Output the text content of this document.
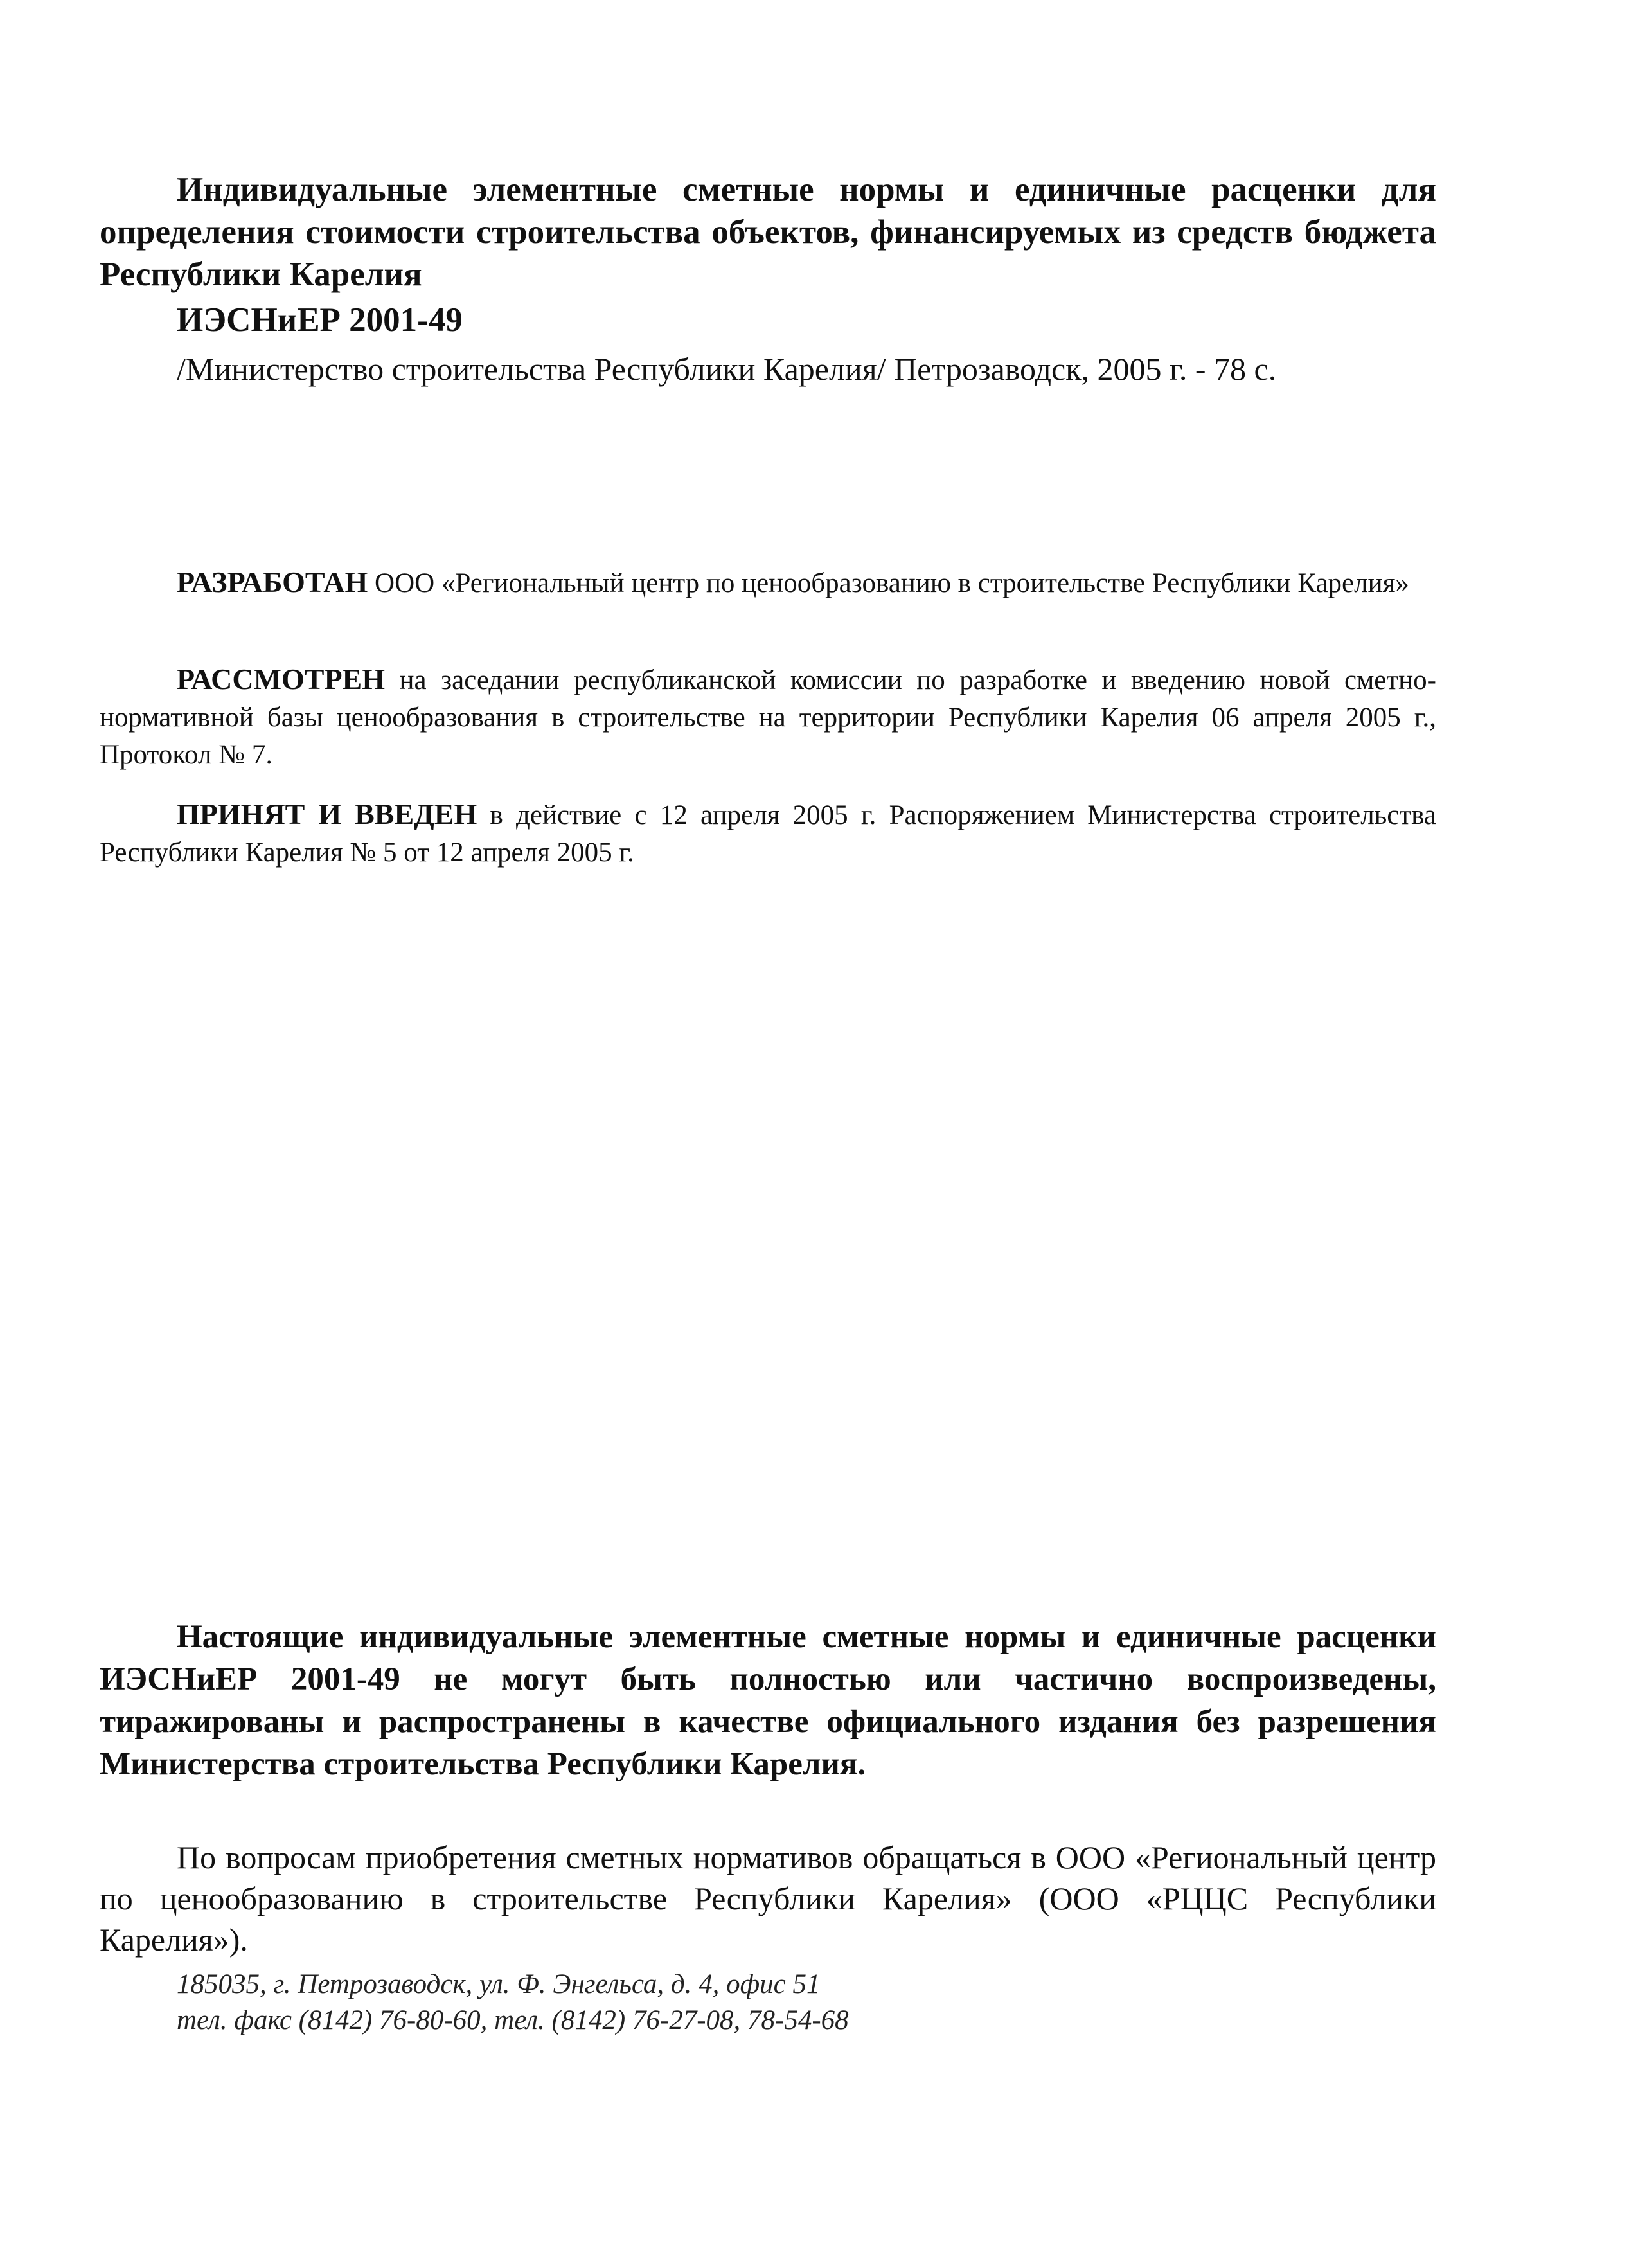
Индивидуальные элементные сметные нормы и единичные расценки для определения стоимости строительства объектов, финансируемых из средств бюджета Республики Карелия

ИЭСНиЕР 2001-49

/Министерство строительства Республики Карелия/ Петрозаводск, 2005 г. - 78 с.

РАЗРАБОТАН ООО «Региональный центр по ценообразованию в строительстве Республики Карелия»

РАССМОТРЕН на заседании республиканской комиссии по разработке и введению новой сметно-нормативной базы ценообразования в строительстве на территории Республики Карелия 06 апреля 2005 г., Протокол № 7.

ПРИНЯТ И ВВЕДЕН в действие с 12 апреля 2005 г. Распоряжением Министерства строительства Республики Карелия № 5 от 12 апреля 2005 г.

Настоящие индивидуальные элементные сметные нормы и единичные расценки ИЭСНиЕР 2001-49 не могут быть полностью или частично воспроизведены, тиражированы и распространены в качестве официального издания без разрешения Министерства строительства Республики Карелия.

По вопросам приобретения сметных нормативов обращаться в ООО «Региональный центр по ценообразованию в строительстве Республики Карелия» (ООО «РЦЦС Республики Карелия»).

185035, г. Петрозаводск, ул. Ф. Энгельса, д. 4, офис 51
тел. факс (8142) 76-80-60, тел. (8142) 76-27-08, 78-54-68
